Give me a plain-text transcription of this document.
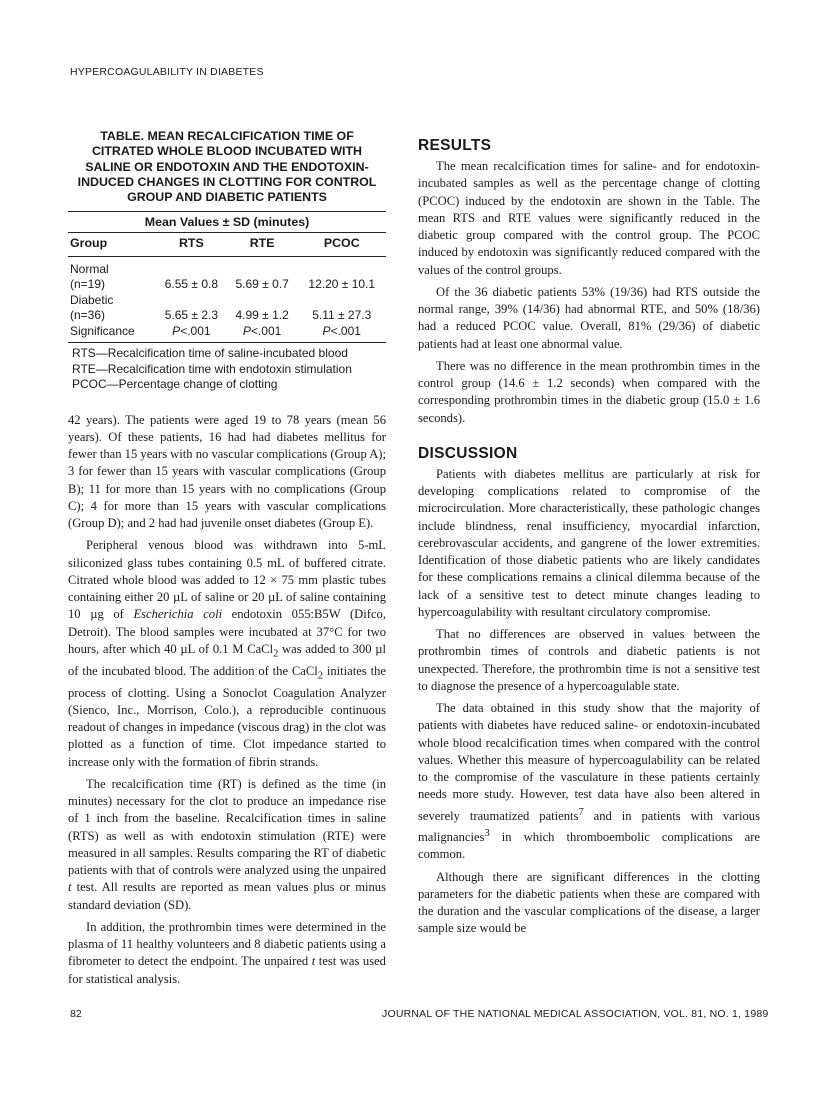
HYPERCOAGULABILITY IN DIABETES
TABLE. MEAN RECALCIFICATION TIME OF CITRATED WHOLE BLOOD INCUBATED WITH SALINE OR ENDOTOXIN AND THE ENDOTOXIN-INDUCED CHANGES IN CLOTTING FOR CONTROL GROUP AND DIABETIC PATIENTS
Mean Values ± SD (minutes)
Group	RTS	RTE	PCOC
Normal			
(n=19)	6.55 ± 0.8	5.69 ± 0.7	12.20 ± 10.1
Diabetic			
(n=36)	5.65 ± 2.3	4.99 ± 1.2	5.11 ± 27.3
Significance	P<.001	P<.001	P<.001
RTS—Recalcification time of saline-incubated blood
RTE—Recalcification time with endotoxin stimulation
PCOC—Percentage change of clotting

42 years). The patients were aged 19 to 78 years (mean 56 years). Of these patients, 16 had had diabetes mellitus for fewer than 15 years with no vascular complications (Group A); 3 for fewer than 15 years with vascular complications (Group B); 11 for more than 15 years with no complications (Group C); 4 for more than 15 years with vascular complications (Group D); and 2 had had juvenile onset diabetes (Group E).

Peripheral venous blood was withdrawn into 5-mL siliconized glass tubes containing 0.5 mL of buffered citrate. Citrated whole blood was added to 12 × 75 mm plastic tubes containing either 20 µL of saline or 20 µL of saline containing 10 µg of Escherichia coli endotoxin 055:B5W (Difco, Detroit). The blood samples were incubated at 37°C for two hours, after which 40 µL of 0.1 M CaCl$_2$ was added to 300 µl of the incubated blood. The addition of the CaCl$_2$ initiates the process of clotting. Using a Sonoclot Coagulation Analyzer (Sienco, Inc., Morrison, Colo.), a reproducible continuous readout of changes in impedance (viscous drag) in the clot was plotted as a function of time. Clot impedance started to increase only with the formation of fibrin strands.

The recalcification time (RT) is defined as the time (in minutes) necessary for the clot to produce an impedance rise of 1 inch from the baseline. Recalcification times in saline (RTS) as well as with endotoxin stimulation (RTE) were measured in all samples. Results comparing the RT of diabetic patients with that of controls were analyzed using the unpaired t test. All results are reported as mean values plus or minus standard deviation (SD).

In addition, the prothrombin times were determined in the plasma of 11 healthy volunteers and 8 diabetic patients using a fibrometer to detect the endpoint. The unpaired t test was used for statistical analysis.

RESULTS

The mean recalcification times for saline- and for endotoxin-incubated samples as well as the percentage change of clotting (PCOC) induced by the endotoxin are shown in the Table. The mean RTS and RTE values were significantly reduced in the diabetic group compared with the control group. The PCOC induced by endotoxin was significantly reduced compared with the values of the control groups.

Of the 36 diabetic patients 53% (19/36) had RTS outside the normal range, 39% (14/36) had abnormal RTE, and 50% (18/36) had a reduced PCOC value. Overall, 81% (29/36) of diabetic patients had at least one abnormal value.

There was no difference in the mean prothrombin times in the control group (14.6 ± 1.2 seconds) when compared with the corresponding prothrombin times in the diabetic group (15.0 ± 1.6 seconds).

DISCUSSION

Patients with diabetes mellitus are particularly at risk for developing complications related to compromise of the microcirculation. More characteristically, these pathologic changes include blindness, renal insufficiency, myocardial infarction, cerebrovascular accidents, and gangrene of the lower extremities. Identification of those diabetic patients who are likely candidates for these complications remains a clinical dilemma because of the lack of a sensitive test to detect minute changes leading to hypercoagulability with resultant circulatory compromise.

That no differences are observed in values between the prothrombin times of controls and diabetic patients is not unexpected. Therefore, the prothrombin time is not a sensitive test to diagnose the presence of a hypercoagulable state.

The data obtained in this study show that the majority of patients with diabetes have reduced saline- or endotoxin-incubated whole blood recalcification times when compared with the control values. Whether this measure of hypercoagulability can be related to the compromise of the vasculature in these patients certainly needs more study. However, test data have also been altered in severely traumatized patients$^7$ and in patients with various malignancies$^3$ in which thromboembolic complications are common.

Although there are significant differences in the clotting parameters for the diabetic patients when these are compared with the duration and the vascular complications of the disease, a larger sample size would be

82	JOURNAL OF THE NATIONAL MEDICAL ASSOCIATION, VOL. 81, NO. 1, 1989
